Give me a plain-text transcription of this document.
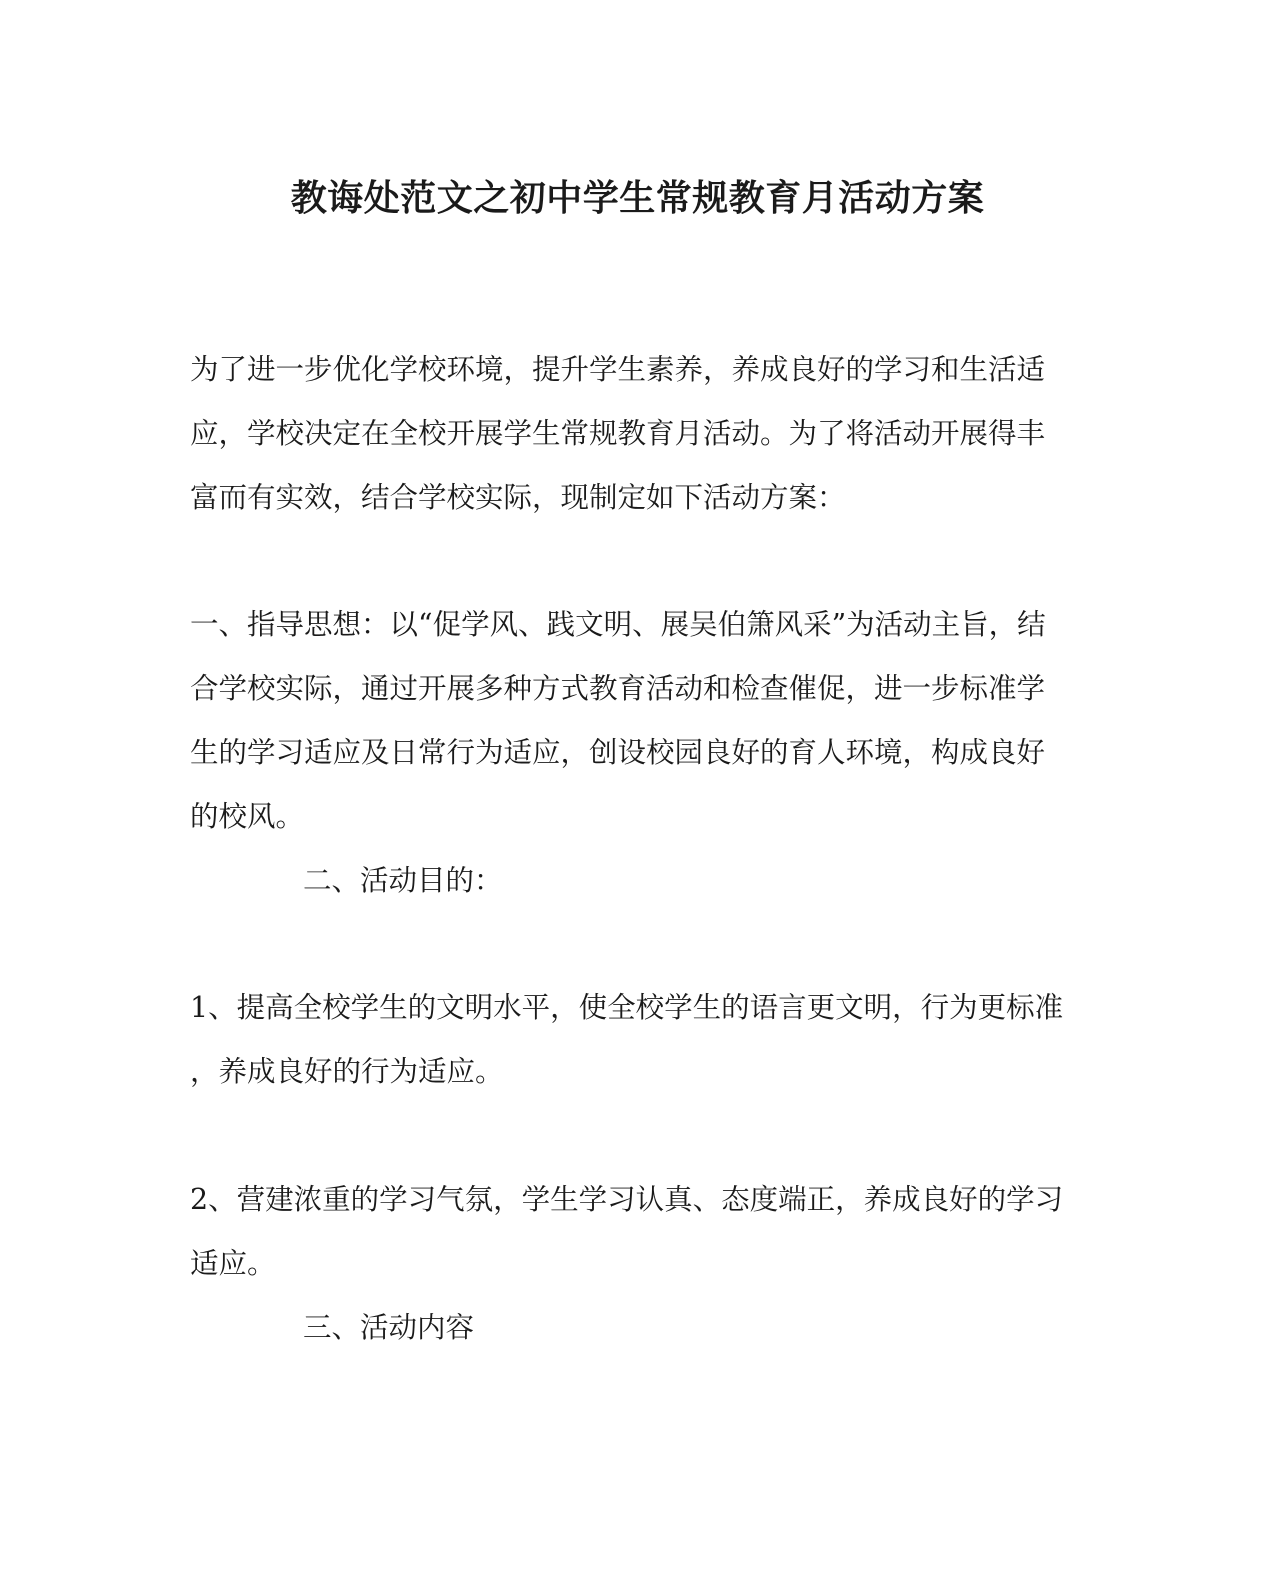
教诲处范文之初中学生常规教育月活动方案
为了进一步优化学校环境，提升学生素养，养成良好的学习和生活适
应，学校决定在全校开展学生常规教育月活动。为了将活动开展得丰
富而有实效，结合学校实际，现制定如下活动方案：
一、指导思想：以“促学风、践文明、展吴伯箫风采”为活动主旨，结
合学校实际，通过开展多种方式教育活动和检查催促，进一步标准学
生的学习适应及日常行为适应，创设校园良好的育人环境，构成良好
的校风。
二、活动目的：
1、提高全校学生的文明水平，使全校学生的语言更文明，行为更标准
，养成良好的行为适应。
2、营建浓重的学习气氛，学生学习认真、态度端正，养成良好的学习
适应。
三、活动内容
